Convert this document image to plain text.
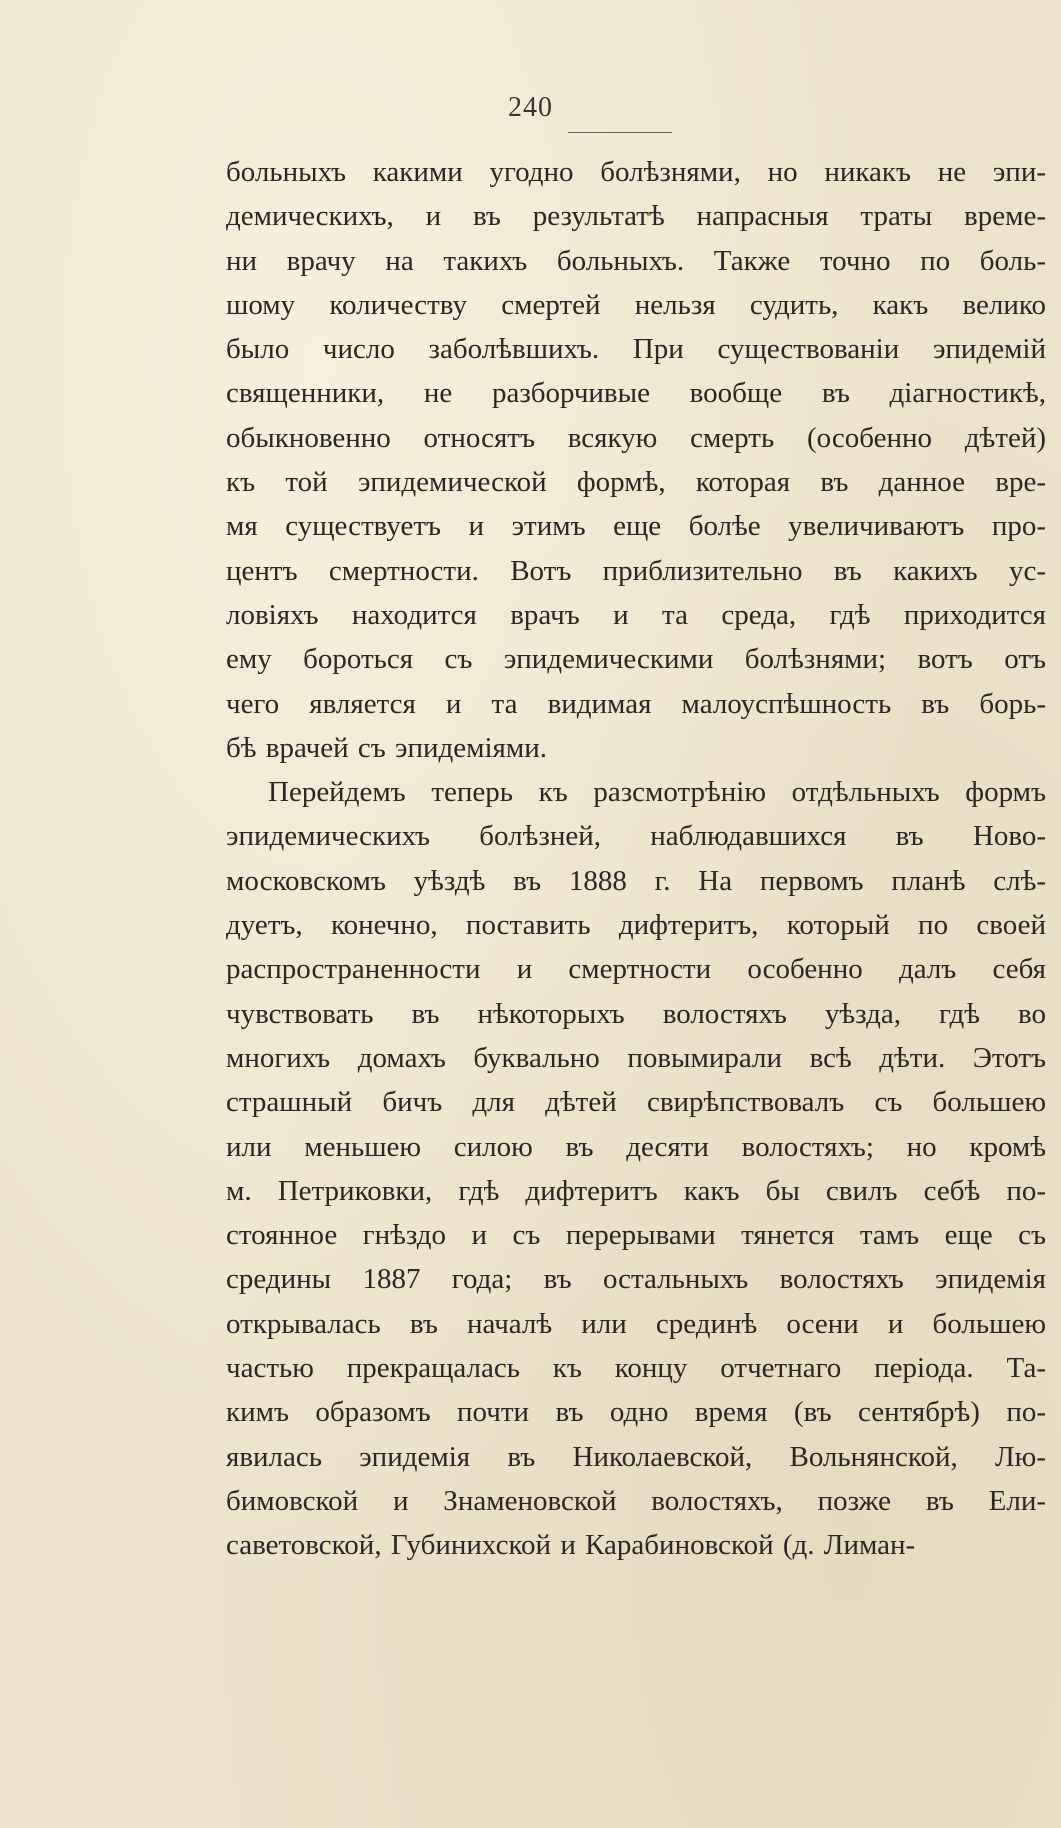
240
больныхъ какими угодно болѣзнями, но никакъ не эпи-
демическихъ, и въ результатѣ напрасныя траты време-
ни врачу на такихъ больныхъ. Также точно по боль-
шому количеству смертей нельзя судить, какъ велико
было число заболѣвшихъ. При существованіи эпидемій
священники, не разборчивые вообще въ діагностикѣ,
обыкновенно относятъ всякую смерть (особенно дѣтей)
къ той эпидемической формѣ, которая въ данное вре-
мя существуетъ и этимъ еще болѣе увеличиваютъ про-
центъ смертности. Вотъ приблизительно въ какихъ ус-
ловіяхъ находится врачъ и та среда, гдѣ приходится
ему бороться съ эпидемическими болѣзнями; вотъ отъ
чего является и та видимая малоуспѣшность въ борь-
бѣ врачей съ эпидеміями.
Перейдемъ теперь къ разсмотрѣнію отдѣльныхъ формъ
эпидемическихъ болѣзней, наблюдавшихся въ Ново-
московскомъ уѣздѣ въ 1888 г. На первомъ планѣ слѣ-
дуетъ, конечно, поставить дифтеритъ, который по своей
распространенности и смертности особенно далъ себя
чувствовать въ нѣкоторыхъ волостяхъ уѣзда, гдѣ во
многихъ домахъ буквально повымирали всѣ дѣти. Этотъ
страшный бичъ для дѣтей свирѣпствовалъ съ большею
или меньшею силою въ десяти волостяхъ; но кромѣ
м. Петриковки, гдѣ дифтеритъ какъ бы свилъ себѣ по-
стоянное гнѣздо и съ перерывами тянется тамъ еще съ
средины 1887 года; въ остальныхъ волостяхъ эпидемія
открывалась въ началѣ или срединѣ осени и большею
частью прекращалась къ концу отчетнаго періода. Та-
кимъ образомъ почти въ одно время (въ сентябрѣ) по-
явилась эпидемія въ Николаевской, Вольнянской, Лю-
бимовской и Знаменовской волостяхъ, позже въ Ели-
саветовской, Губинихской и Карабиновской (д. Лиман-
